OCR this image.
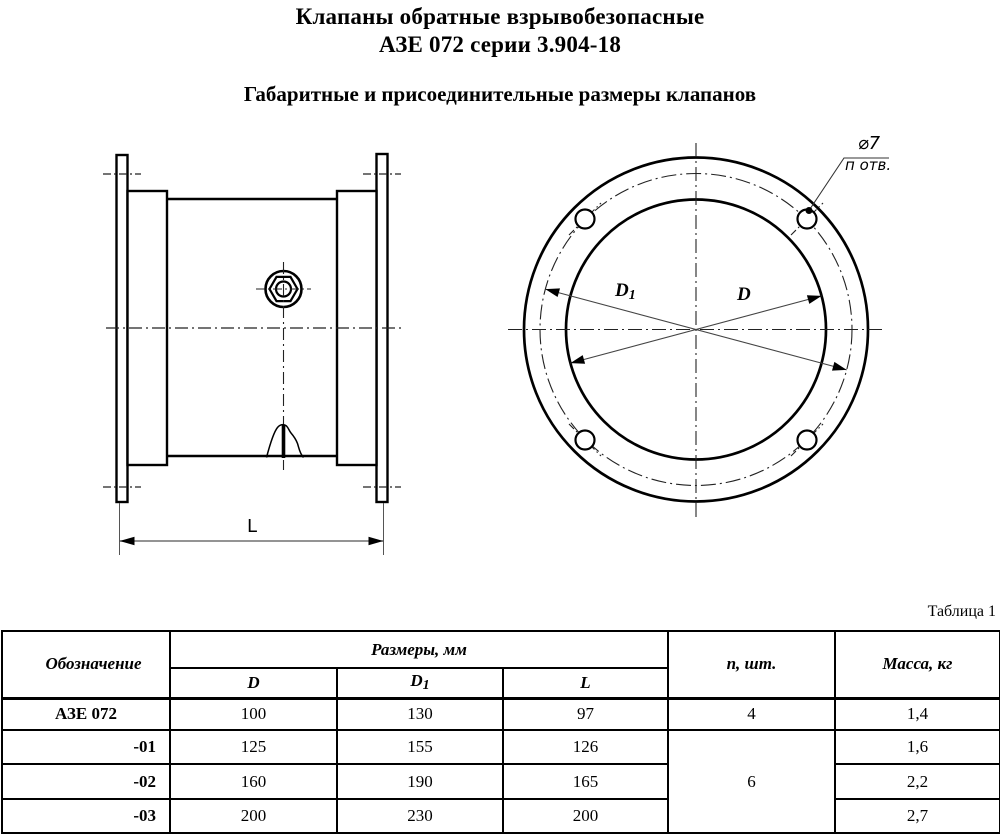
Клапаны обратные взрывобезопасные
АЗЕ 072 серии 3.904-18
Габаритные и присоединительные размеры клапанов
L
D1	D
⌀7
п отв.
Таблица 1
Обозначение	Размеры, мм			n, шт.	Масса, кг
	D	D1	L		
АЗЕ 072	100	130	97	4	1,4
-01	125	155	126	6	1,6
-02	160	190	165		2,2
-03	200	230	200		2,7
